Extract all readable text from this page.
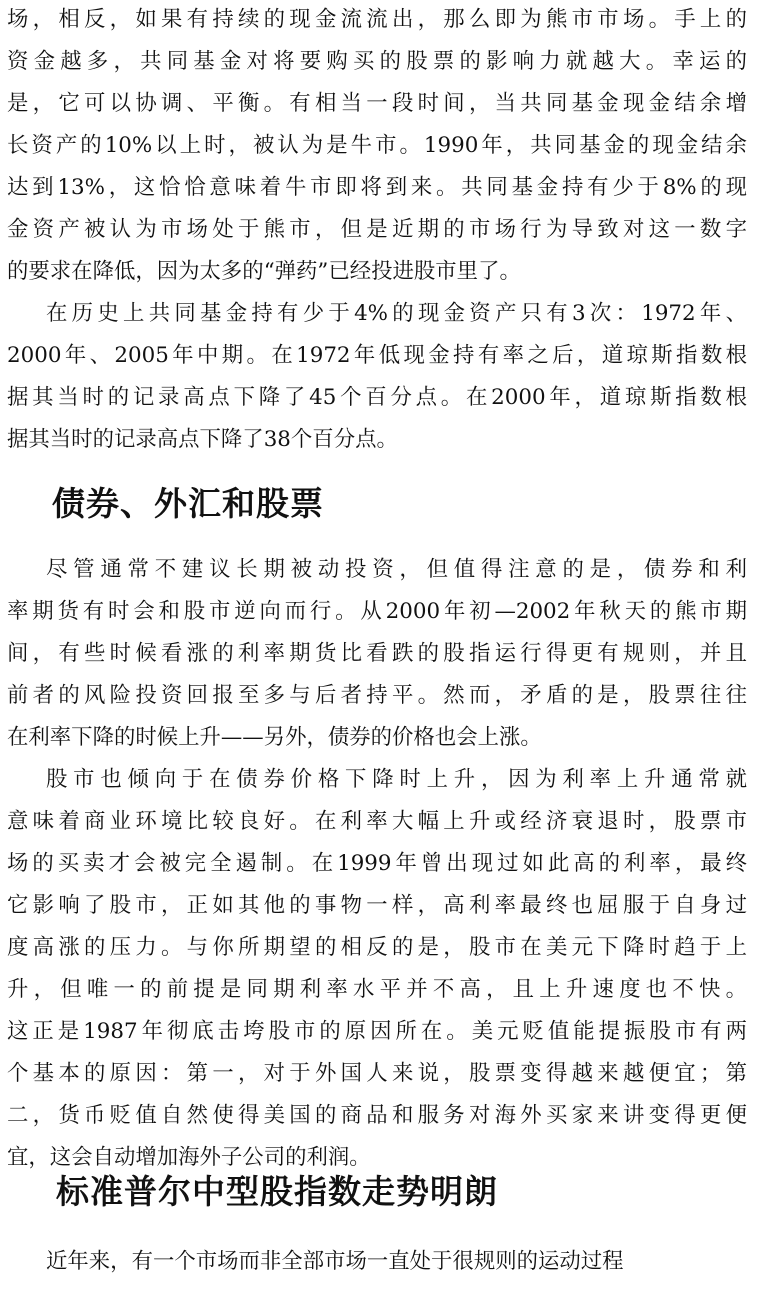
场，相反，如果有持续的现金流流出，那么即为熊市市场。手上的
资金越多，共同基金对将要购买的股票的影响力就越大。幸运的
是，它可以协调、平衡。有相当一段时间，当共同基金现金结余增
长资产的10%以上时，被认为是牛市。1990年，共同基金的现金结余
达到13%，这恰恰意味着牛市即将到来。共同基金持有少于8%的现
金资产被认为市场处于熊市，但是近期的市场行为导致对这一数字
的要求在降低，因为太多的“弹药”已经投进股市里了。
在历史上共同基金持有少于4%的现金资产只有3次：1972年、
2000年、2005年中期。在1972年低现金持有率之后，道琼斯指数根
据其当时的记录高点下降了45个百分点。在2000年，道琼斯指数根
据其当时的记录高点下降了38个百分点。
债券、外汇和股票
尽管通常不建议长期被动投资，但值得注意的是，债券和利
率期货有时会和股市逆向而行。从2000年初—2002年秋天的熊市期
间，有些时候看涨的利率期货比看跌的股指运行得更有规则，并且
前者的风险投资回报至多与后者持平。然而，矛盾的是，股票往往
在利率下降的时候上升——另外，债券的价格也会上涨。
股市也倾向于在债券价格下降时上升，因为利率上升通常就
意味着商业环境比较良好。在利率大幅上升或经济衰退时，股票市
场的买卖才会被完全遏制。在1999年曾出现过如此高的利率，最终
它影响了股市，正如其他的事物一样，高利率最终也屈服于自身过
度高涨的压力。与你所期望的相反的是，股市在美元下降时趋于上
升，但唯一的前提是同期利率水平并不高，且上升速度也不快。
这正是1987年彻底击垮股市的原因所在。美元贬值能提振股市有两
个基本的原因：第一，对于外国人来说，股票变得越来越便宜；第
二，货币贬值自然使得美国的商品和服务对海外买家来讲变得更便
宜，这会自动增加海外子公司的利润。
标准普尔中型股指数走势明朗
近年来，有一个市场而非全部市场一直处于很规则的运动过程
